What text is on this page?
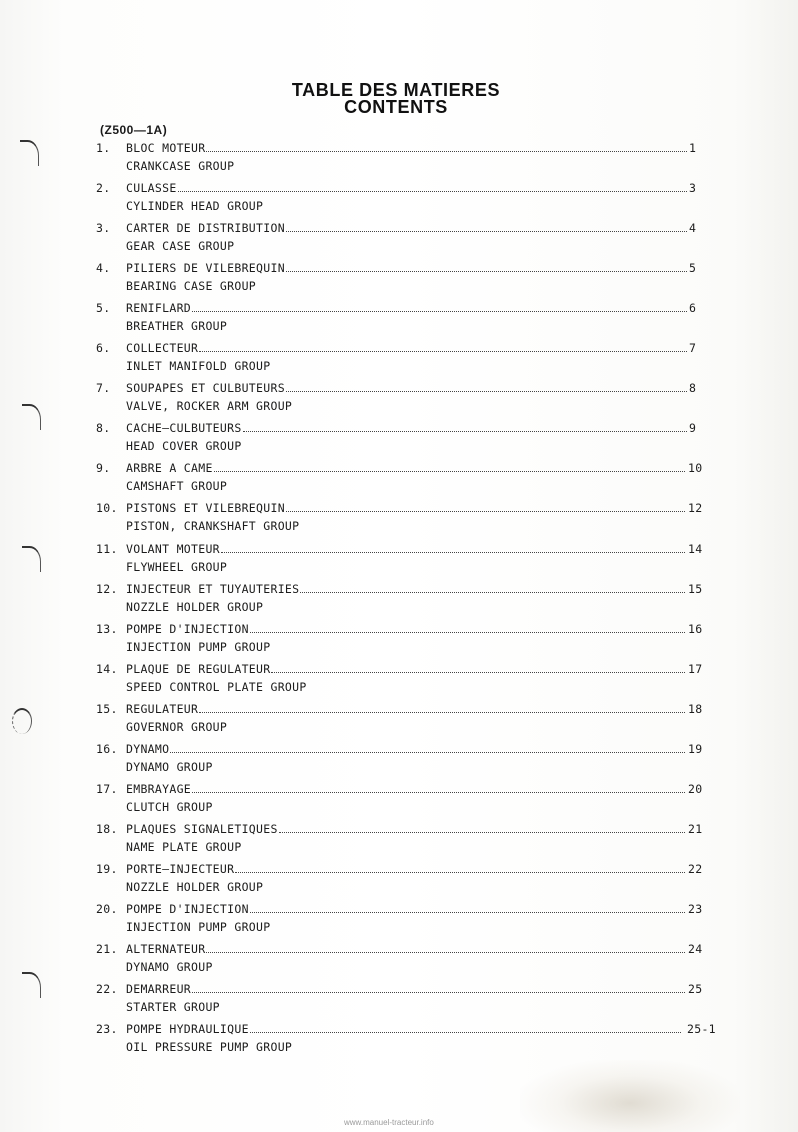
TABLE DES MATIERES
CONTENTS
(Z500—1A)
1.	BLOC MOTEUR	1
CRANKCASE GROUP
2.	CULASSE	3
CYLINDER HEAD GROUP
3.	CARTER DE DISTRIBUTION	4
GEAR CASE GROUP
4.	PILIERS DE VILEBREQUIN	5
BEARING CASE GROUP
5.	RENIFLARD	6
BREATHER GROUP
6.	COLLECTEUR	7
INLET MANIFOLD GROUP
7.	SOUPAPES ET CULBUTEURS	8
VALVE, ROCKER ARM GROUP
8.	CACHE—CULBUTEURS	9
HEAD COVER GROUP
9.	ARBRE A CAME	10
CAMSHAFT GROUP
10. PISTONS ET VILEBREQUIN	12
PISTON, CRANKSHAFT GROUP
11. VOLANT MOTEUR	14
FLYWHEEL GROUP
12. INJECTEUR ET TUYAUTERIES	15
NOZZLE HOLDER GROUP
13. POMPE D'INJECTION	16
INJECTION PUMP GROUP
14. PLAQUE DE REGULATEUR	17
SPEED CONTROL PLATE GROUP
15. REGULATEUR	18
GOVERNOR GROUP
16. DYNAMO	19
DYNAMO GROUP
17. EMBRAYAGE	20
CLUTCH GROUP
18. PLAQUES SIGNALETIQUES	21
NAME PLATE GROUP
19. PORTE—INJECTEUR	22
NOZZLE HOLDER GROUP
20. POMPE D'INJECTION	23
INJECTION PUMP GROUP
21. ALTERNATEUR	24
DYNAMO GROUP
22. DEMARREUR	25
STARTER GROUP
23. POMPE HYDRAULIQUE	25-1
OIL PRESSURE PUMP GROUP
www.manuel-tracteur.info
